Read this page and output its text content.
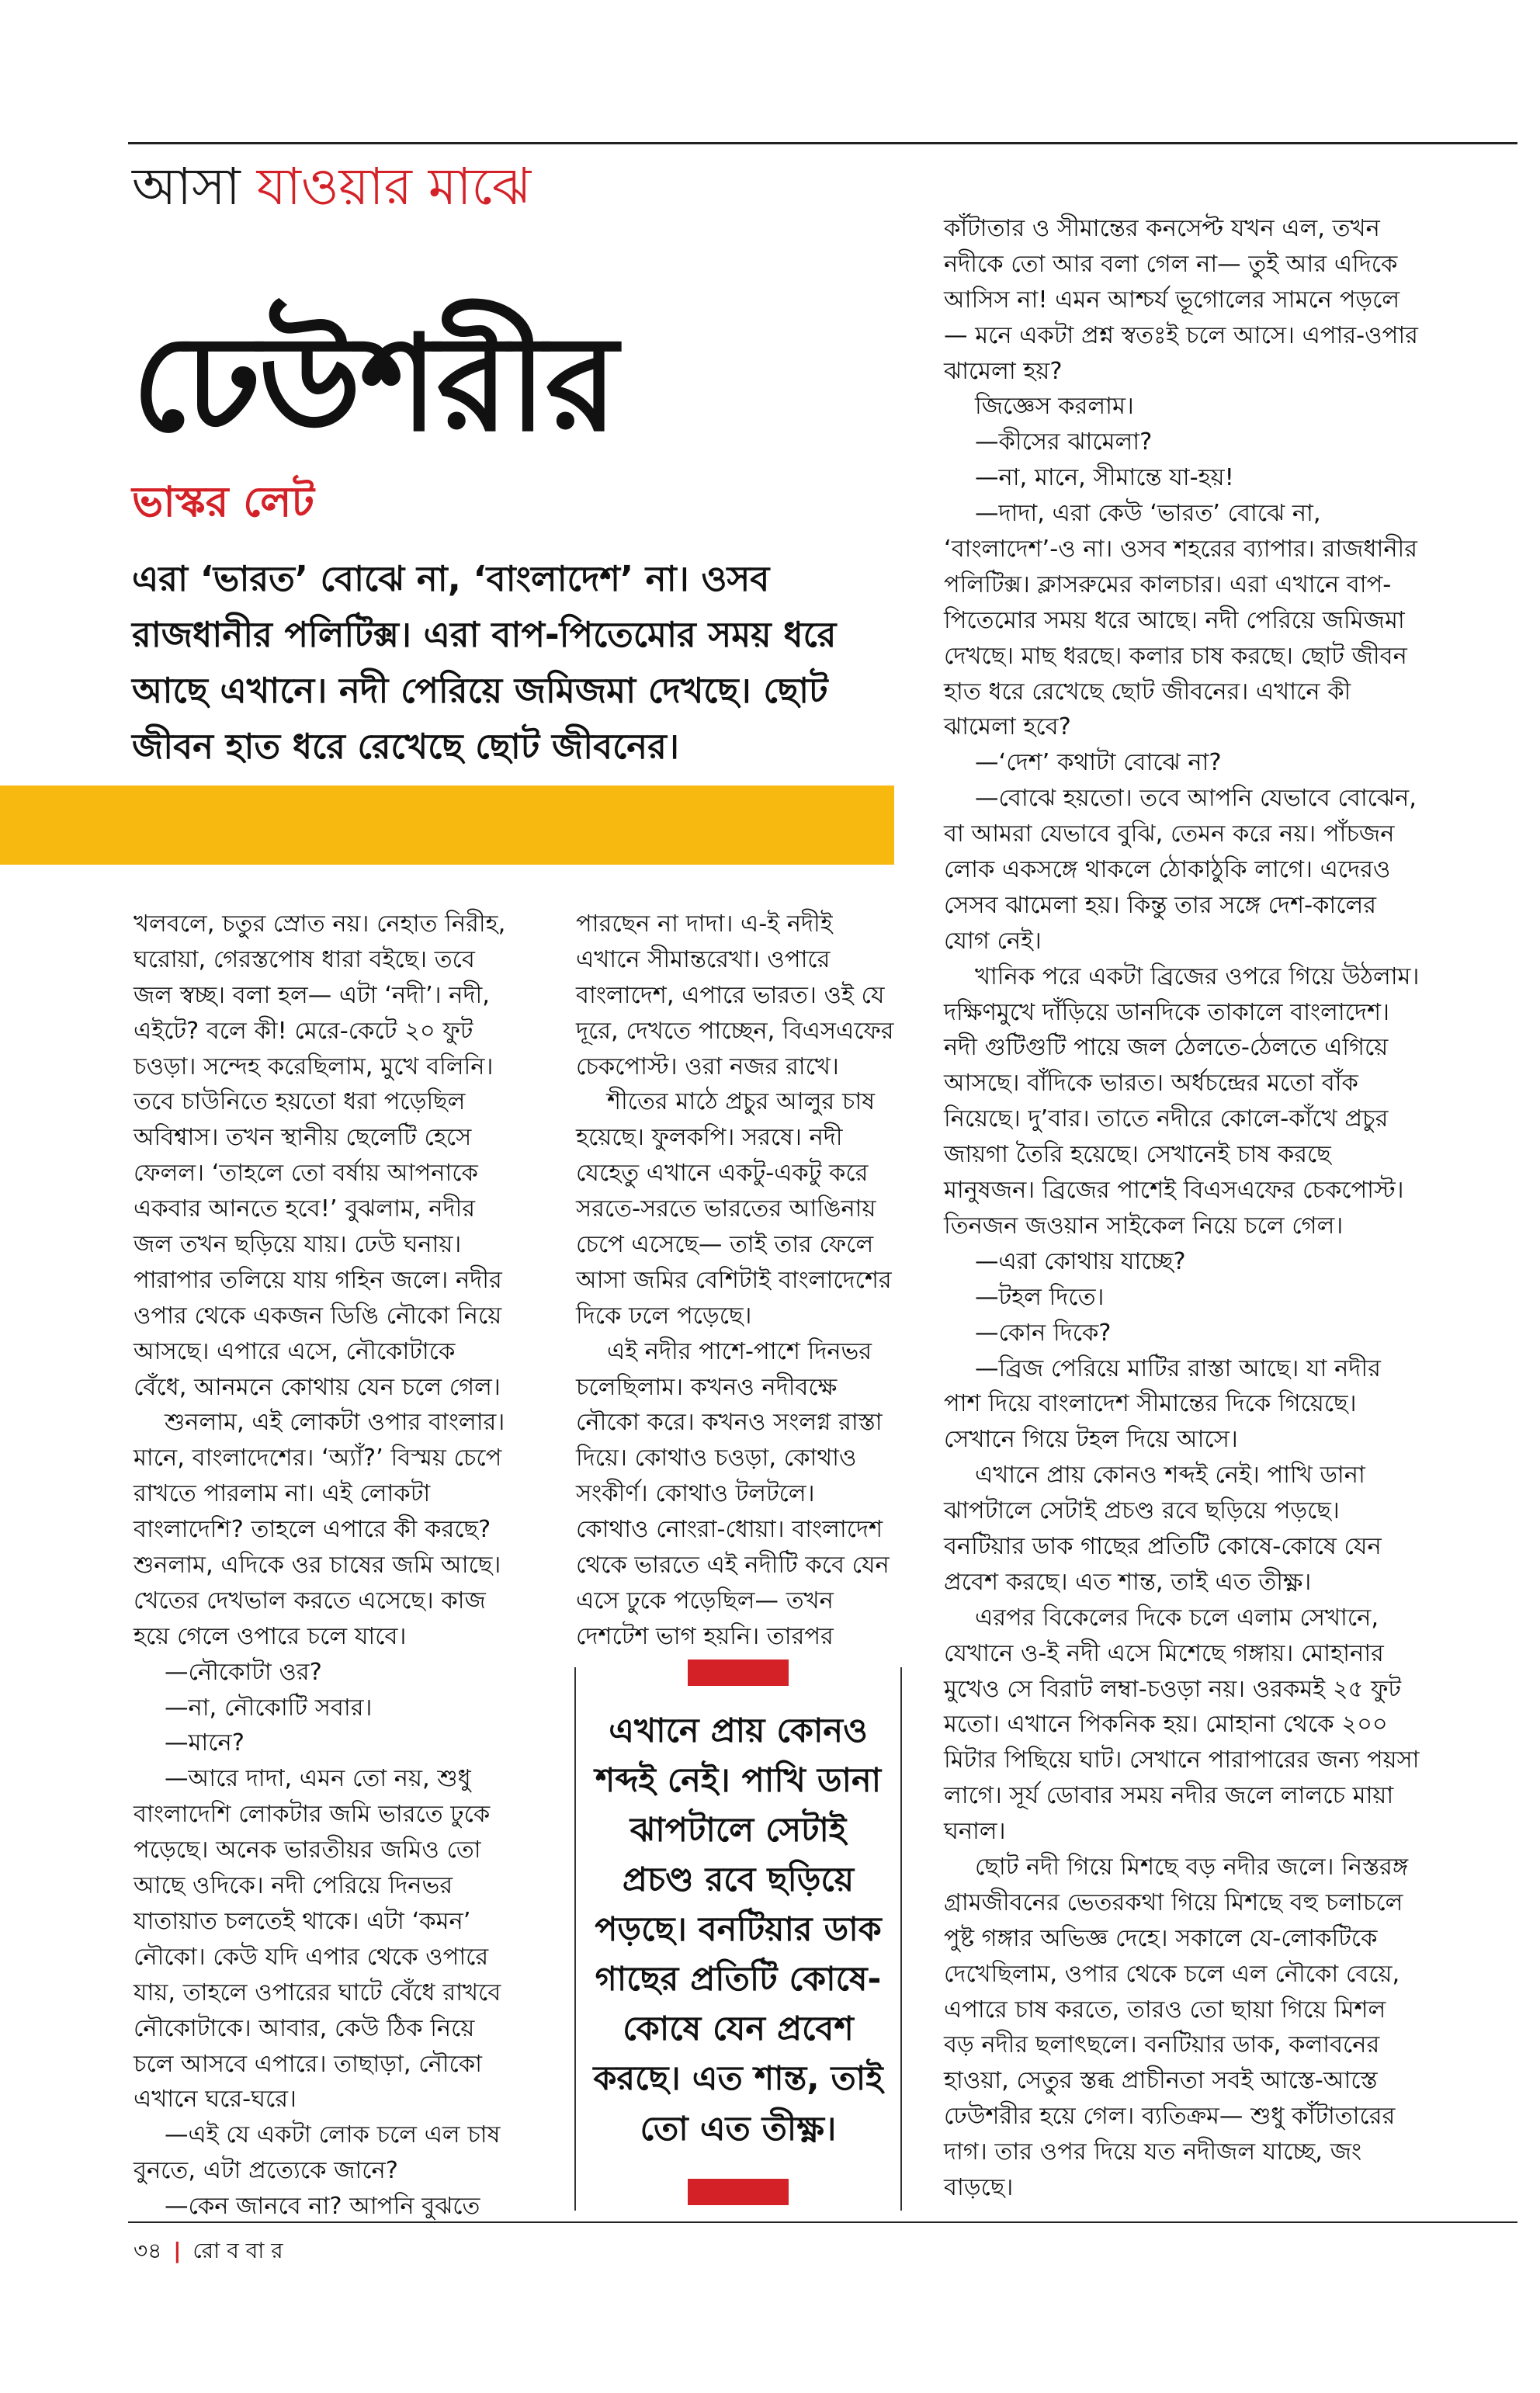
আসা যাওয়ার মাঝে
ঢেউশরীর
ভাস্কর লেট
এরা ‘ভারত’ বোঝে না, ‘বাংলাদেশ’ না। ওসব রাজধানীর পলিটিক্স। এরা বাপ-পিতেমোর সময় ধরে আছে এখানে। নদী পেরিয়ে জমিজমা দেখছে। ছোট জীবন হাত ধরে রেখেছে ছোট জীবনের।

খলবলে, চতুর স্রোত নয়। নেহাত নিরীহ, ঘরোয়া, গেরস্তপোষ ধারা বইছে। তবে জল স্বচ্ছ। বলা হল— এটা ‘নদী’। নদী, এইটে? বলে কী! মেরে-কেটে ২০ ফুট চওড়া। সন্দেহ করেছিলাম, মুখে বলিনি। তবে চাউনিতে হয়তো ধরা পড়েছিল অবিশ্বাস। তখন স্থানীয় ছেলেটি হেসে ফেলল। ‘তাহলে তো বর্ষায় আপনাকে একবার আনতে হবে!’ বুঝলাম, নদীর জল তখন ছড়িয়ে যায়। ঢেউ ঘনায়। পারাপার তলিয়ে যায় গহিন জলে। নদীর ওপার থেকে একজন ডিঙি নৌকো নিয়ে আসছে। এপারে এসে, নৌকোটাকে বেঁধে, আনমনে কোথায় যেন চলে গেল।

শুনলাম, এই লোকটা ওপার বাংলার। মানে, বাংলাদেশের। ‘অ্যাঁ?’ বিস্ময় চেপে রাখতে পারলাম না। এই লোকটা বাংলাদেশি? তাহলে এপারে কী করছে? শুনলাম, এদিকে ওর চাষের জমি আছে। খেতের দেখভাল করতে এসেছে। কাজ হয়ে গেলে ওপারে চলে যাবে।

—নৌকোটা ওর?

—না, নৌকোটি সবার।

—মানে?

—আরে দাদা, এমন তো নয়, শুধু বাংলাদেশি লোকটার জমি ভারতে ঢুকে পড়েছে। অনেক ভারতীয়র জমিও তো আছে ওদিকে। নদী পেরিয়ে দিনভর যাতায়াত চলতেই থাকে। এটা ‘কমন’ নৌকো। কেউ যদি এপার থেকে ওপারে যায়, তাহলে ওপারের ঘাটে বেঁধে রাখবে নৌকোটাকে। আবার, কেউ ঠিক নিয়ে চলে আসবে এপারে। তাছাড়া, নৌকো এখানে ঘরে-ঘরে।

—এই যে একটা লোক চলে এল চাষ বুনতে, এটা প্রত্যেকে জানে?

—কেন জানবে না? আপনি বুঝতে

পারছেন না দাদা। এ-ই নদীই এখানে সীমান্তরেখা। ওপারে বাংলাদেশ, এপারে ভারত। ওই যে দূরে, দেখতে পাচ্ছেন, বিএসএফের চেকপোস্ট। ওরা নজর রাখে।

শীতের মাঠে প্রচুর আলুর চাষ হয়েছে। ফুলকপি। সরষে। নদী যেহেতু এখানে একটু-একটু করে সরতে-সরতে ভারতের আঙিনায় চেপে এসেছে— তাই তার ফেলে আসা জমির বেশিটাই বাংলাদেশের দিকে ঢলে পড়েছে।

এই নদীর পাশে-পাশে দিনভর চলেছিলাম। কখনও নদীবক্ষে নৌকো করে। কখনও সংলগ্ন রাস্তা দিয়ে। কোথাও চওড়া, কোথাও সংকীর্ণ। কোথাও টলটলে। কোথাও নোংরা-ধোয়া। বাংলাদেশ থেকে ভারতে এই নদীটি কবে যেন এসে ঢুকে পড়েছিল— তখন দেশটেশ ভাগ হয়নি। তারপর

এখানে প্রায় কোনও শব্দই নেই। পাখি ডানা ঝাপটালে সেটাই প্রচণ্ড রবে ছড়িয়ে পড়ছে। বনটিয়ার ডাক গাছের প্রতিটি কোষে-কোষে যেন প্রবেশ করছে। এত শান্ত, তাই তো এত তীক্ষ্ণ।

কাঁটাতার ও সীমান্তের কনসেপ্ট যখন এল, তখন নদীকে তো আর বলা গেল না— তুই আর এদিকে আসিস না! এমন আশ্চর্য ভূগোলের সামনে পড়লে— মনে একটা প্রশ্ন স্বতঃই চলে আসে। এপার-ওপার ঝামেলা হয়?

জিজ্ঞেস করলাম।

—কীসের ঝামেলা?

—না, মানে, সীমান্তে যা-হয়!

—দাদা, এরা কেউ ‘ভারত’ বোঝে না, ‘বাংলাদেশ’-ও না। ওসব শহরের ব্যাপার। রাজধানীর পলিটিক্স। ক্লাসরুমের কালচার। এরা এখানে বাপ-পিতেমোর সময় ধরে আছে। নদী পেরিয়ে জমিজমা দেখছে। মাছ ধরছে। কলার চাষ করছে। ছোট জীবন হাত ধরে রেখেছে ছোট জীবনের। এখানে কী ঝামেলা হবে?

—‘দেশ’ কথাটা বোঝে না?

—বোঝে হয়তো। তবে আপনি যেভাবে বোঝেন, বা আমরা যেভাবে বুঝি, তেমন করে নয়। পাঁচজন লোক একসঙ্গে থাকলে ঠোকাঠুকি লাগে। এদেরও সেসব ঝামেলা হয়। কিন্তু তার সঙ্গে দেশ-কালের যোগ নেই।

খানিক পরে একটা ব্রিজের ওপরে গিয়ে উঠলাম। দক্ষিণমুখে দাঁড়িয়ে ডানদিকে তাকালে বাংলাদেশ। নদী গুটিগুটি পায়ে জল ঠেলতে-ঠেলতে এগিয়ে আসছে। বাঁদিকে ভারত। অর্ধচন্দ্রের মতো বাঁক নিয়েছে। দু’বার। তাতে নদীরে কোলে-কাঁখে প্রচুর জায়গা তৈরি হয়েছে। সেখানেই চাষ করছে মানুষজন। ব্রিজের পাশেই বিএসএফের চেকপোস্ট। তিনজন জওয়ান সাইকেল নিয়ে চলে গেল।

—এরা কোথায় যাচ্ছে?

—টহল দিতে।

—কোন দিকে?

—ব্রিজ পেরিয়ে মাটির রাস্তা আছে। যা নদীর পাশ দিয়ে বাংলাদেশ সীমান্তের দিকে গিয়েছে। সেখানে গিয়ে টহল দিয়ে আসে।

এখানে প্রায় কোনও শব্দই নেই। পাখি ডানা ঝাপটালে সেটাই প্রচণ্ড রবে ছড়িয়ে পড়ছে। বনটিয়ার ডাক গাছের প্রতিটি কোষে-কোষে যেন প্রবেশ করছে। এত শান্ত, তাই এত তীক্ষ্ণ।

এরপর বিকেলের দিকে চলে এলাম সেখানে, যেখানে ও-ই নদী এসে মিশেছে গঙ্গায়। মোহানার মুখেও সে বিরাট লম্বা-চওড়া নয়। ওরকমই ২৫ ফুট মতো। এখানে পিকনিক হয়। মোহানা থেকে ২০০ মিটার পিছিয়ে ঘাট। সেখানে পারাপারের জন্য পয়সা লাগে। সূর্য ডোবার সময় নদীর জলে লালচে মায়া ঘনাল।

ছোট নদী গিয়ে মিশছে বড় নদীর জলে। নিস্তরঙ্গ গ্রামজীবনের ভেতরকথা গিয়ে মিশছে বহু চলাচলে পুষ্ট গঙ্গার অভিজ্ঞ দেহে। সকালে যে-লোকটিকে দেখেছিলাম, ওপার থেকে চলে এল নৌকো বেয়ে, এপারে চাষ করতে, তারও তো ছায়া গিয়ে মিশল বড় নদীর ছলাৎছলে। বনটিয়ার ডাক, কলাবনের হাওয়া, সেতুর স্তব্ধ প্রাচীনতা সবই আস্তে-আস্তে ঢেউশরীর হয়ে গেল। ব্যতিক্রম— শুধু কাঁটাতারের দাগ। তার ওপর দিয়ে যত নদীজল যাচ্ছে, জং বাড়ছে।

৩৪ | রো ব বা র
